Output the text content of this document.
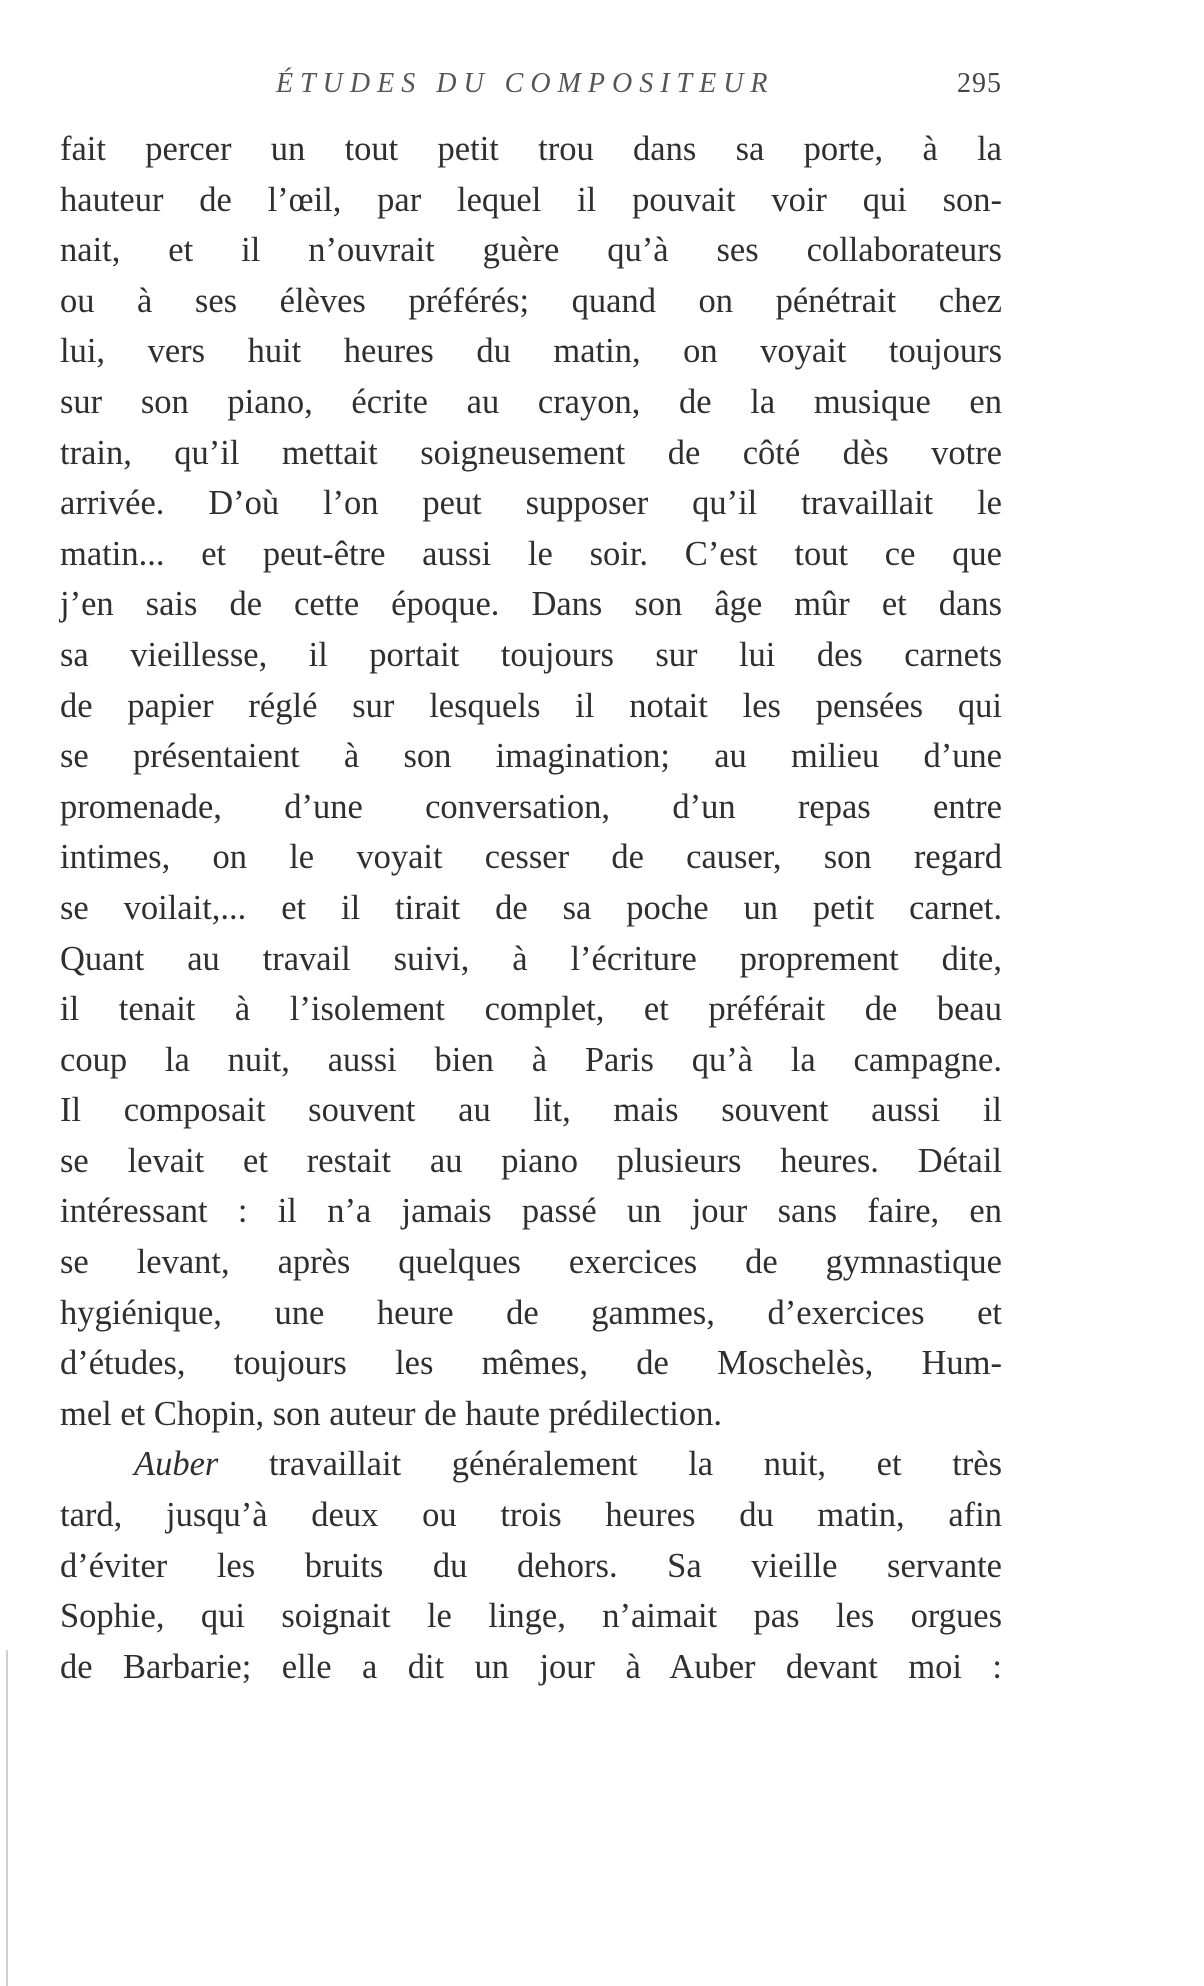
ÉTUDES DU COMPOSITEUR	295
fait percer un tout petit trou dans sa porte, à la
hauteur de l’œil, par lequel il pouvait voir qui son-
nait, et il n’ouvrait guère qu’à ses collaborateurs
ou à ses élèves préférés; quand on pénétrait chez
lui, vers huit heures du matin, on voyait toujours
sur son piano, écrite au crayon, de la musique en
train, qu’il mettait soigneusement de côté dès votre
arrivée. D’où l’on peut supposer qu’il travaillait le
matin... et peut-être aussi le soir. C’est tout ce que
j’en sais de cette époque. Dans son âge mûr et dans
sa vieillesse, il portait toujours sur lui des carnets
de papier réglé sur lesquels il notait les pensées qui
se présentaient à son imagination; au milieu d’une
promenade, d’une conversation, d’un repas entre
intimes, on le voyait cesser de causer, son regard
se voilait,... et il tirait de sa poche un petit carnet.
Quant au travail suivi, à l’écriture proprement dite,
il tenait à l’isolement complet, et préférait de beau
coup la nuit, aussi bien à Paris qu’à la campagne.
Il composait souvent au lit, mais souvent aussi il
se levait et restait au piano plusieurs heures. Détail
intéressant : il n’a jamais passé un jour sans faire, en
se levant, après quelques exercices de gymnastique
hygiénique, une heure de gammes, d’exercices et
d’études, toujours les mêmes, de Moschelès, Hum-
mel et Chopin, son auteur de haute prédilection.
Auber travaillait généralement la nuit, et très
tard, jusqu’à deux ou trois heures du matin, afin
d’éviter les bruits du dehors. Sa vieille servante
Sophie, qui soignait le linge, n’aimait pas les orgues
de Barbarie; elle a dit un jour à Auber devant moi :
